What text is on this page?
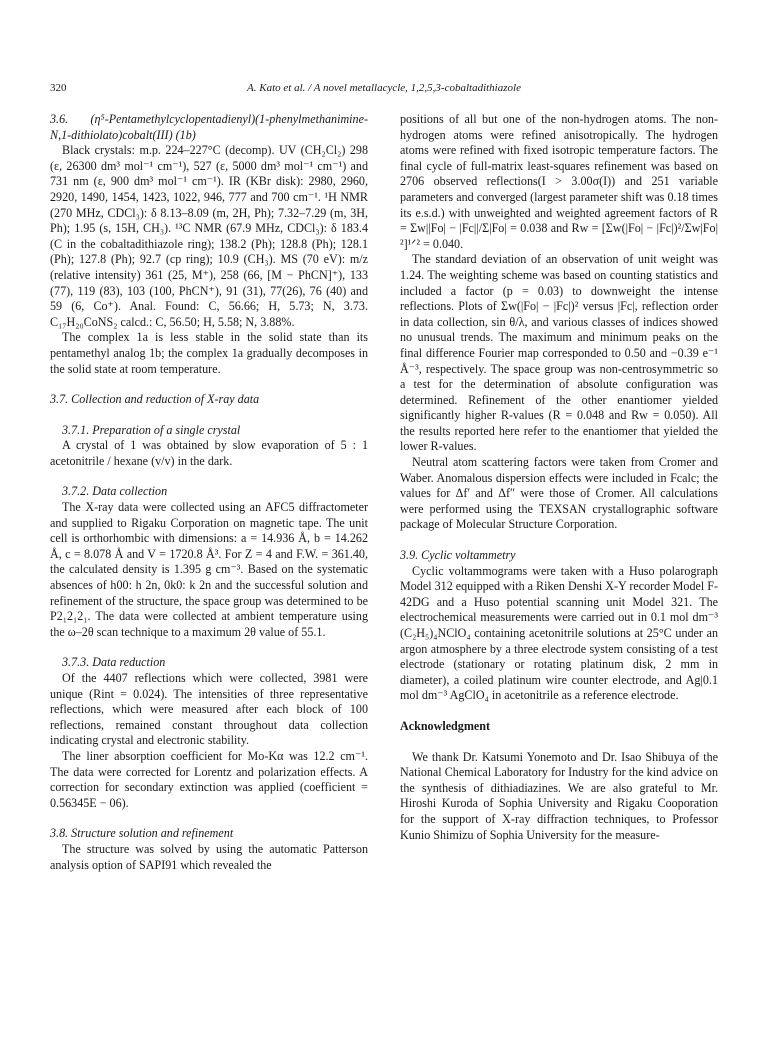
320	A. Kato et al. / A novel metallacycle, 1,2,5,3-cobaltadithiazole

3.6. (η⁵-Pentamethylcyclopentadienyl)(1-phenylmethanimine-N,1-dithiolato)cobalt(III) (1b)

Black crystals: m.p. 224–227°C (decomp). UV (CH₂Cl₂) 298 (ε, 26300 dm³ mol⁻¹ cm⁻¹), 527 (ε, 5000 dm³ mol⁻¹ cm⁻¹) and 731 nm (ε, 900 dm³ mol⁻¹ cm⁻¹). IR (KBr disk): 2980, 2960, 2920, 1490, 1454, 1423, 1022, 946, 777 and 700 cm⁻¹. ¹H NMR (270 MHz, CDCl₃): δ 8.13–8.09 (m, 2H, Ph); 7.32–7.29 (m, 3H, Ph); 1.95 (s, 15H, CH₃). ¹³C NMR (67.9 MHz, CDCl₃): δ 183.4 (C in the cobaltadithiazole ring); 138.2 (Ph); 128.8 (Ph); 128.1 (Ph); 127.8 (Ph); 92.7 (cp ring); 10.9 (CH₃). MS (70 eV): m/z (relative intensity) 361 (25, M⁺), 258 (66, [M − PhCN]⁺), 133 (77), 119 (83), 103 (100, PhCN⁺), 91 (31), 77(26), 76 (40) and 59 (6, Co⁺). Anal. Found: C, 56.66; H, 5.73; N, 3.73. C₁₇H₂₀CoNS₂ calcd.: C, 56.50; H, 5.58; N, 3.88%.

The complex 1a is less stable in the solid state than its pentamethyl analog 1b; the complex 1a gradually decomposes in the solid state at room temperature.

3.7. Collection and reduction of X-ray data

3.7.1. Preparation of a single crystal

A crystal of 1 was obtained by slow evaporation of 5 : 1 acetonitrile / hexane (v/v) in the dark.

3.7.2. Data collection

The X-ray data were collected using an AFC5 diffractometer and supplied to Rigaku Corporation on magnetic tape. The unit cell is orthorhombic with dimensions: a = 14.936 Å, b = 14.262 Å, c = 8.078 Å and V = 1720.8 Å³. For Z = 4 and F.W. = 361.40, the calculated density is 1.395 g cm⁻³. Based on the systematic absences of h00: h 2n, 0k0: k 2n and the successful solution and refinement of the structure, the space group was determined to be P2₁2₁2₁. The data were collected at ambient temperature using the ω–2θ scan technique to a maximum 2θ value of 55.1.

3.7.3. Data reduction

Of the 4407 reflections which were collected, 3981 were unique (Rint = 0.024). The intensities of three representative reflections, which were measured after each block of 100 reflections, remained constant throughout data collection indicating crystal and electronic stability.

The liner absorption coefficient for Mo-Kα was 12.2 cm⁻¹. The data were corrected for Lorentz and polarization effects. A correction for secondary extinction was applied (coefficient = 0.56345E − 06).

3.8. Structure solution and refinement

The structure was solved by using the automatic Patterson analysis option of SAPI91 which revealed the

positions of all but one of the non-hydrogen atoms. The non-hydrogen atoms were refined anisotropically. The hydrogen atoms were refined with fixed isotropic temperature factors. The final cycle of full-matrix least-squares refinement was based on 2706 observed reflections(I > 3.00σ(I)) and 251 variable parameters and converged (largest parameter shift was 0.18 times its e.s.d.) with unweighted and weighted agreement factors of R = Σw||Fo| − |Fc||/Σ|Fo| = 0.038 and Rw = [Σw(|Fo| − |Fc|)²/Σw|Fo|²]¹ᐟ² = 0.040.

The standard deviation of an observation of unit weight was 1.24. The weighting scheme was based on counting statistics and included a factor (p = 0.03) to downweight the intense reflections. Plots of Σw(|Fo| − |Fc|)² versus |Fc|, reflection order in data collection, sin θ/λ, and various classes of indices showed no unusual trends. The maximum and minimum peaks on the final difference Fourier map corresponded to 0.50 and −0.39 e⁻¹ Å⁻³, respectively. The space group was non-centrosymmetric so a test for the determination of absolute configuration was determined. Refinement of the other enantiomer yielded significantly higher R-values (R = 0.048 and Rw = 0.050). All the results reported here refer to the enantiomer that yielded the lower R-values.

Neutral atom scattering factors were taken from Cromer and Waber. Anomalous dispersion effects were included in Fcalc; the values for Δf′ and Δf″ were those of Cromer. All calculations were performed using the TEXSAN crystallographic software package of Molecular Structure Corporation.

3.9. Cyclic voltammetry

Cyclic voltammograms were taken with a Huso polarograph Model 312 equipped with a Riken Denshi X-Y recorder Model F-42DG and a Huso potential scanning unit Model 321. The electrochemical measurements were carried out in 0.1 mol dm⁻³ (C₂H₅)₄NClO₄ containing acetonitrile solutions at 25°C under an argon atmosphere by a three electrode system consisting of a test electrode (stationary or rotating platinum disk, 2 mm in diameter), a coiled platinum wire counter electrode, and Ag|0.1 mol dm⁻³ AgClO₄ in acetonitrile as a reference electrode.

Acknowledgment

We thank Dr. Katsumi Yonemoto and Dr. Isao Shibuya of the National Chemical Laboratory for Industry for the kind advice on the synthesis of dithiadiazines. We are also grateful to Mr. Hiroshi Kuroda of Sophia University and Rigaku Cooporation for the support of X-ray diffraction techniques, to Professor Kunio Shimizu of Sophia University for the measure-
